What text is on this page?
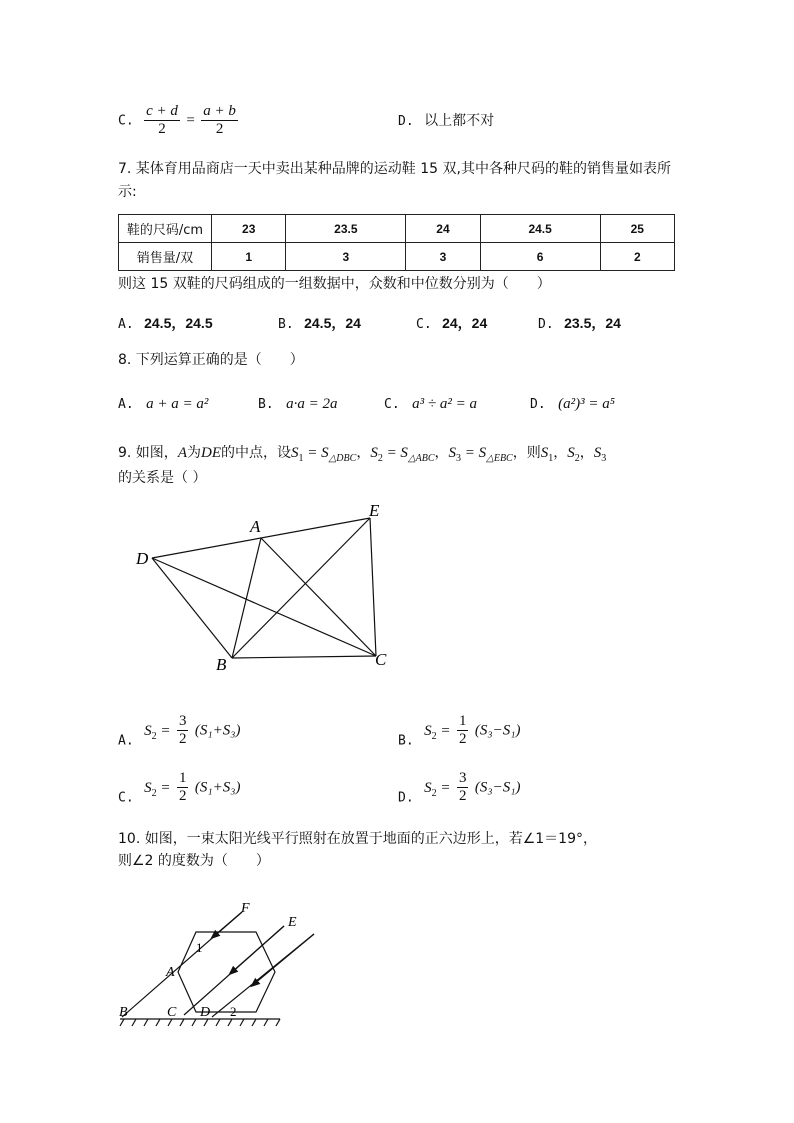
C. $\frac{c + d}{2} = \frac{a + b}{2}$	D. 以上都不对
7. 某体育用品商店一天中卖出某种品牌的运动鞋 15 双,其中各种尺码的鞋的销售量如表所
示:
鞋的尺码/cm	23	23.5	24	24.5	25
销售量/双	1	3	3	6	2
则这 15 双鞋的尺码组成的一组数据中，众数和中位数分别为（　　）
A. 24.5，24.5	B. 24.5，24	C. 24，24	D. 23.5，24
8. 下列运算正确的是（　　）
A. a + a = a²	B. a·a = 2a	C. a³ ÷ a² = a	D. (a²)³ = a⁵
9. 如图，A为DE的中点，设$S_1 = S_{\triangle DBC}$，$S_2 = S_{\triangle ABC}$，$S_3 = S_{\triangle EBC}$，则$S_1$，$S_2$，$S_3$
的关系是（ ）
A
B	C
D
E
A. $S_2 = \frac{3}{2} (S_1+S_3)$
B. $S_2 = \frac{1}{2} (S_3-S_1)$
C. $S_2 = \frac{1}{2} (S_1+S_3)$
D. $S_2 = \frac{3}{2} (S_3-S_1)$
10. 如图，一束太阳光线平行照射在放置于地面的正六边形上，若∠1＝19°，
则∠2 的度数为（　　）
F
E
A
B	C D
1
2
